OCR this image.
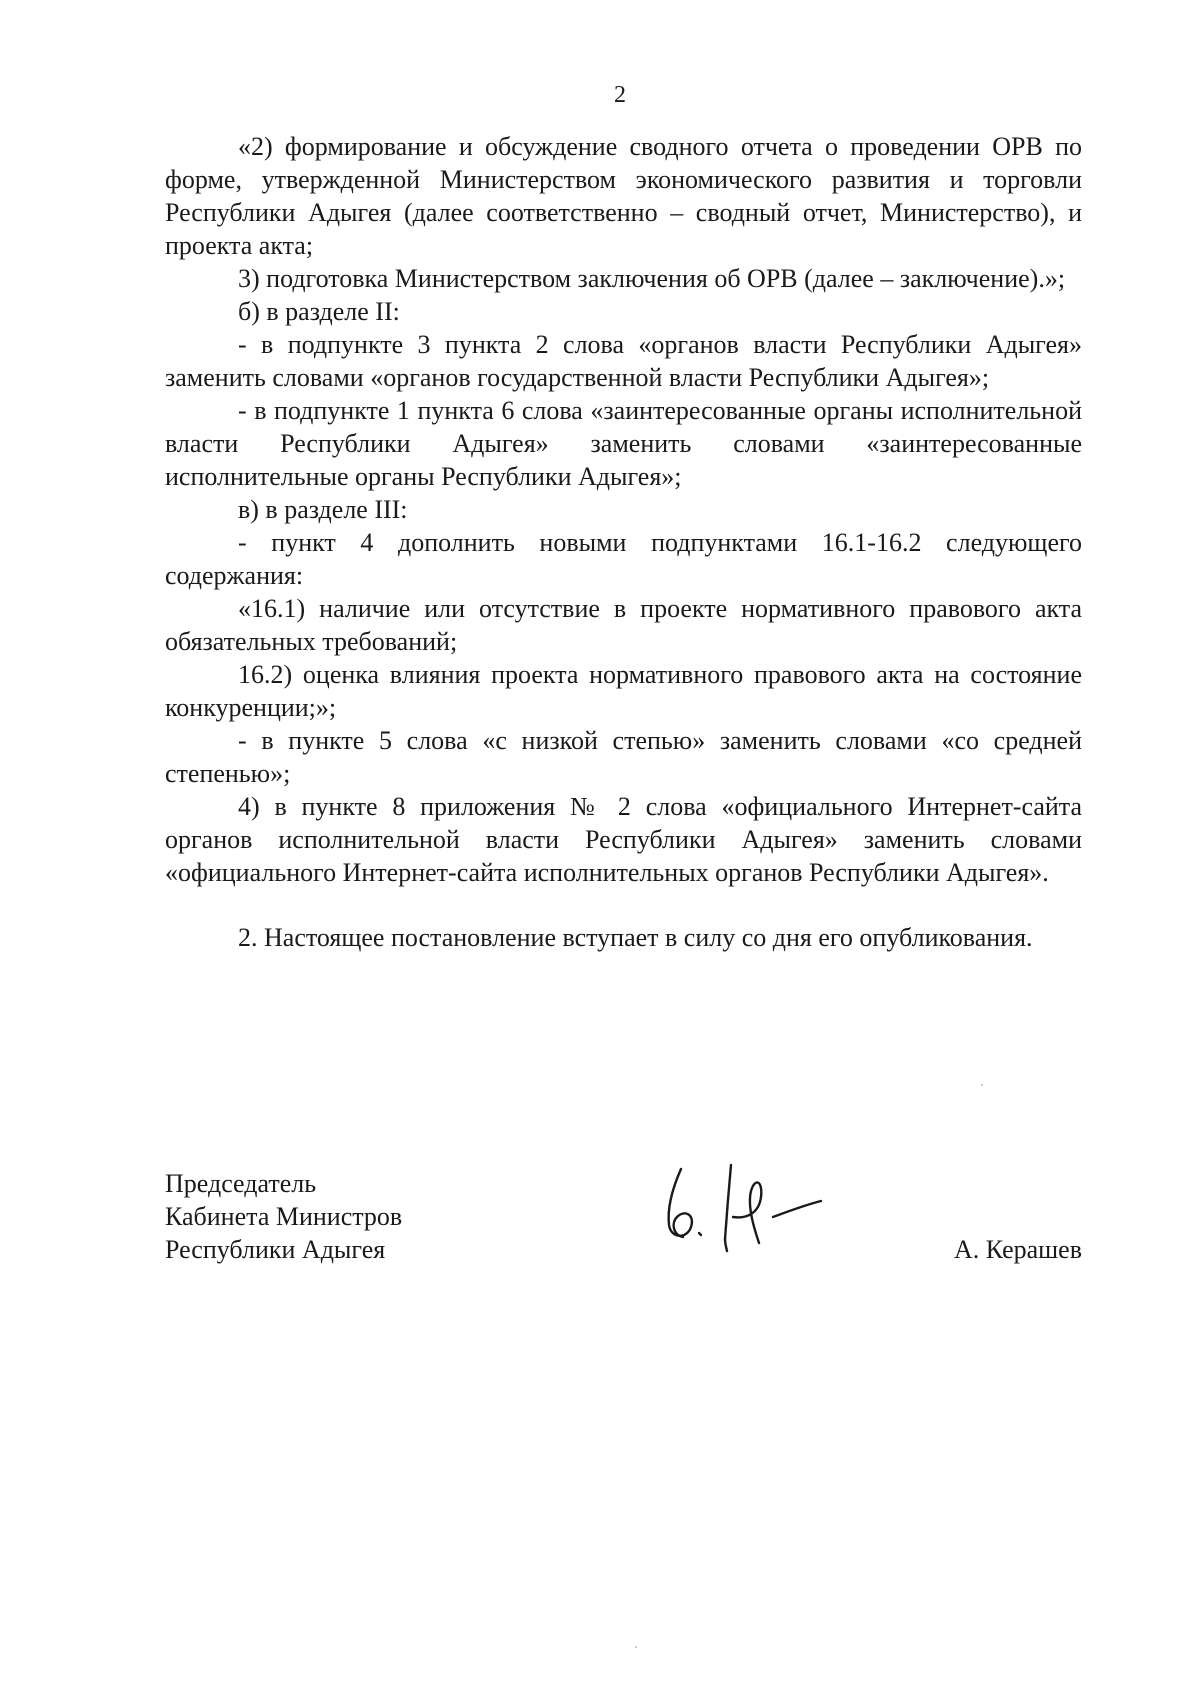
2

«2) формирование и обсуждение сводного отчета о проведении ОРВ по форме, утвержденной Министерством экономического развития и торговли Республики Адыгея (далее соответственно – сводный отчет, Министерство), и проекта акта;

3) подготовка Министерством заключения об ОРВ (далее – заключение).»;

б) в разделе II:

- в подпункте 3 пункта 2 слова «органов власти Республики Адыгея» заменить словами «органов государственной власти Республики Адыгея»;

- в подпункте 1 пункта 6 слова «заинтересованные органы исполнительной власти Республики Адыгея» заменить словами «заинтересованные исполнительные органы Республики Адыгея»;

в) в разделе III:

- пункт 4 дополнить новыми подпунктами 16.1-16.2 следующего содержания:

«16.1) наличие или отсутствие в проекте нормативного правового акта обязательных требований;

16.2) оценка влияния проекта нормативного правового акта на состояние конкуренции;»;

- в пункте 5 слова «с низкой степью» заменить словами «со средней степенью»;

4) в пункте 8 приложения № 2 слова «официального Интернет-сайта органов исполнительной власти Республики Адыгея» заменить словами «официального Интернет-сайта исполнительных органов Республики Адыгея».

2. Настоящее постановление вступает в силу со дня его опубликования.

Председатель
Кабинета Министров
Республики Адыгея	А. Керашев
